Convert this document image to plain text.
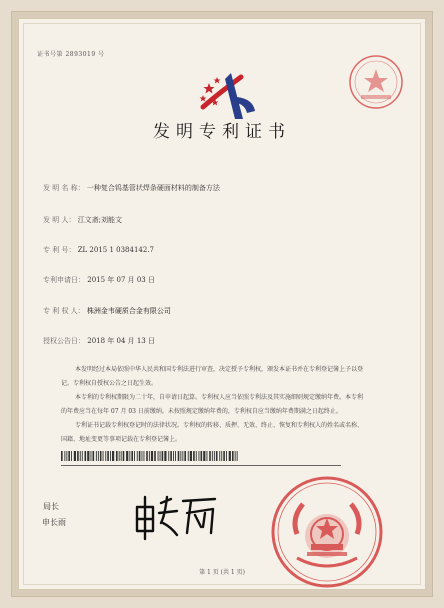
证书号第 2893019 号
发明专利证书
发 明 名 称： 一种复合钨基管状焊条硬面材料的制备方法
发 明 人： 江文斋;刘能文
专 利 号： ZL 2015 1 0384142.7
专利申请日： 2015 年 07 月 03 日
专 利 权 人： 株洲金韦硬质合金有限公司
授权公告日： 2018 年 04 月 13 日

本发明经过本局依照中华人民共和国专利法进行审查，决定授予专利权，颁发本证书并在专利登记簿上予以登记。专利权自授权公告之日起生效。

本专利的专利权期限为二十年，自申请日起算。专利权人应当依照专利法及其实施细则规定缴纳年费。本专利的年费应当在每年 07 月 03 日前缴纳。未按照规定缴纳年费的，专利权自应当缴纳年费期满之日起终止。

专利证书记载专利权登记时的法律状况。专利权的转移、质押、无效、终止、恢复和专利权人的姓名或名称、国籍、地址变更等事项记载在专利登记簿上。

局长
第 1 页 (共 1 页)
申长雨
